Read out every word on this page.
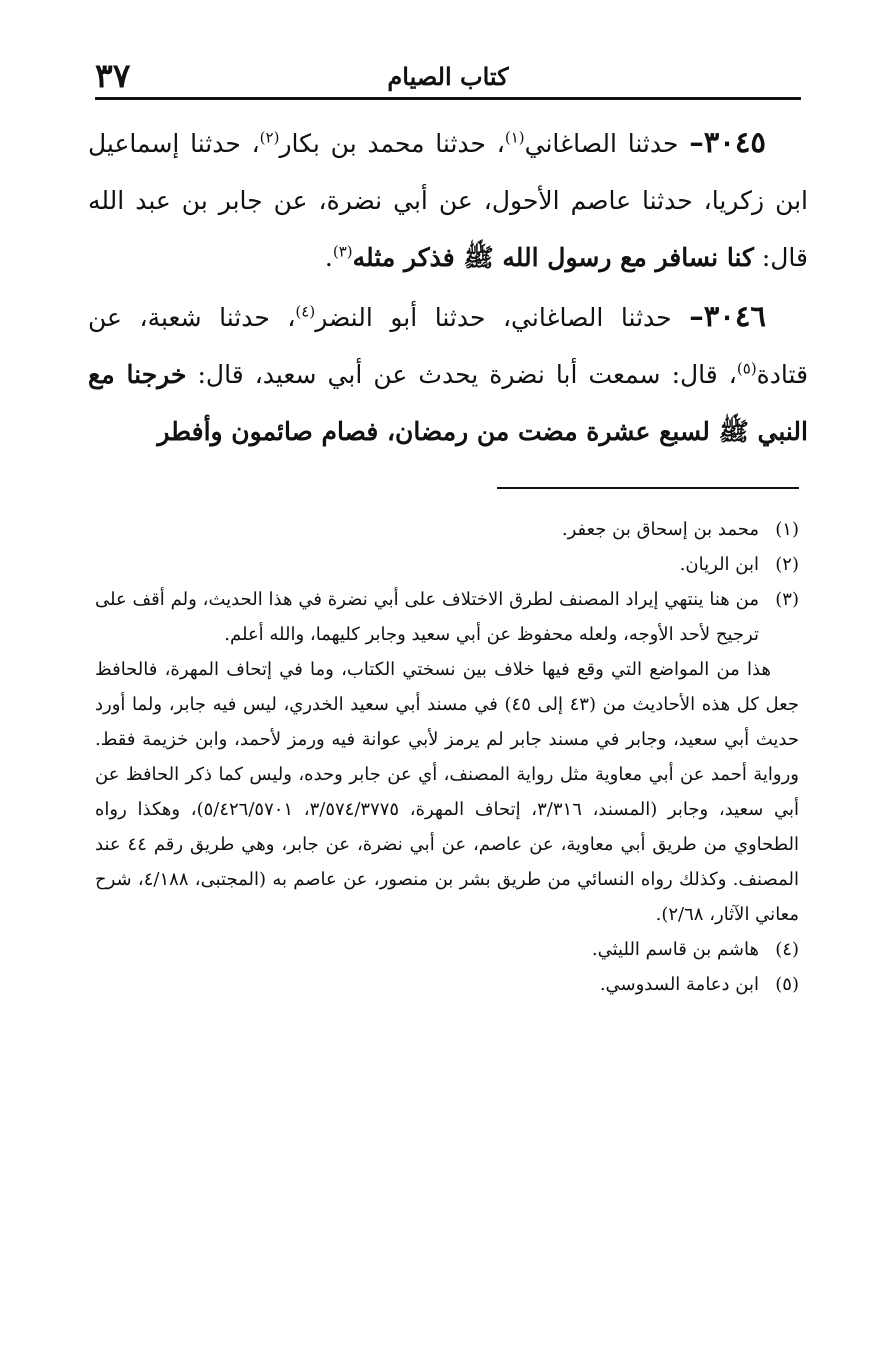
كتاب الصيام
٣٧

٣٠٤٥– حدثنا الصاغاني$^{(١)}$، حدثنا محمد بن بكار$^{(٢)}$، حدثنا إسماعيل ابن زكريا، حدثنا عاصم الأحول، عن أبي نضرة، عن جابر بن عبد الله قال: كنا نسافر مع رسول الله ﷺ فذكر مثله$^{(٣)}$.

٣٠٤٦– حدثنا الصاغاني، حدثنا أبو النضر$^{(٤)}$، حدثنا شعبة، عن قتادة$^{(٥)}$، قال: سمعت أبا نضرة يحدث عن أبي سعيد، قال: خرجنا مع النبي ﷺ لسبع عشرة مضت من رمضان، فصام صائمون وأفطر

(١)محمد بن إسحاق بن جعفر.

(٢)ابن الريان.

(٣)من هنا ينتهي إيراد المصنف لطرق الاختلاف على أبي نضرة في هذا الحديث، ولم أقف على ترجيح لأحد الأوجه، ولعله محفوظ عن أبي سعيد وجابر كليهما، والله أعلم.

هذا من المواضع التي وقع فيها خلاف بين نسختي الكتاب، وما في إتحاف المهرة، فالحافظ جعل كل هذه الأحاديث من (٤٣ إلى ٤٥) في مسند أبي سعيد الخدري، ليس فيه جابر، ولما أورد حديث أبي سعيد، وجابر في مسند جابر لم يرمز لأبي عوانة فيه ورمز لأحمد، وابن خزيمة فقط. ورواية أحمد عن أبي معاوية مثل رواية المصنف، أي عن جابر وحده، وليس كما ذكر الحافظ عن أبي سعيد، وجابر (المسند، ٣/٣١٦، إتحاف المهرة، ٣/٥٧٤/٣٧٧٥، ٥/٤٢٦/٥٧٠١)، وهكذا رواه الطحاوي من طريق أبي معاوية، عن عاصم، عن أبي نضرة، عن جابر، وهي طريق رقم ٤٤ عند المصنف. وكذلك رواه النسائي من طريق بشر بن منصور، عن عاصم به (المجتبى، ٤/١٨٨، شرح معاني الآثار، ٢/٦٨).

(٤)هاشم بن قاسم الليثي.

(٥)ابن دعامة السدوسي.
